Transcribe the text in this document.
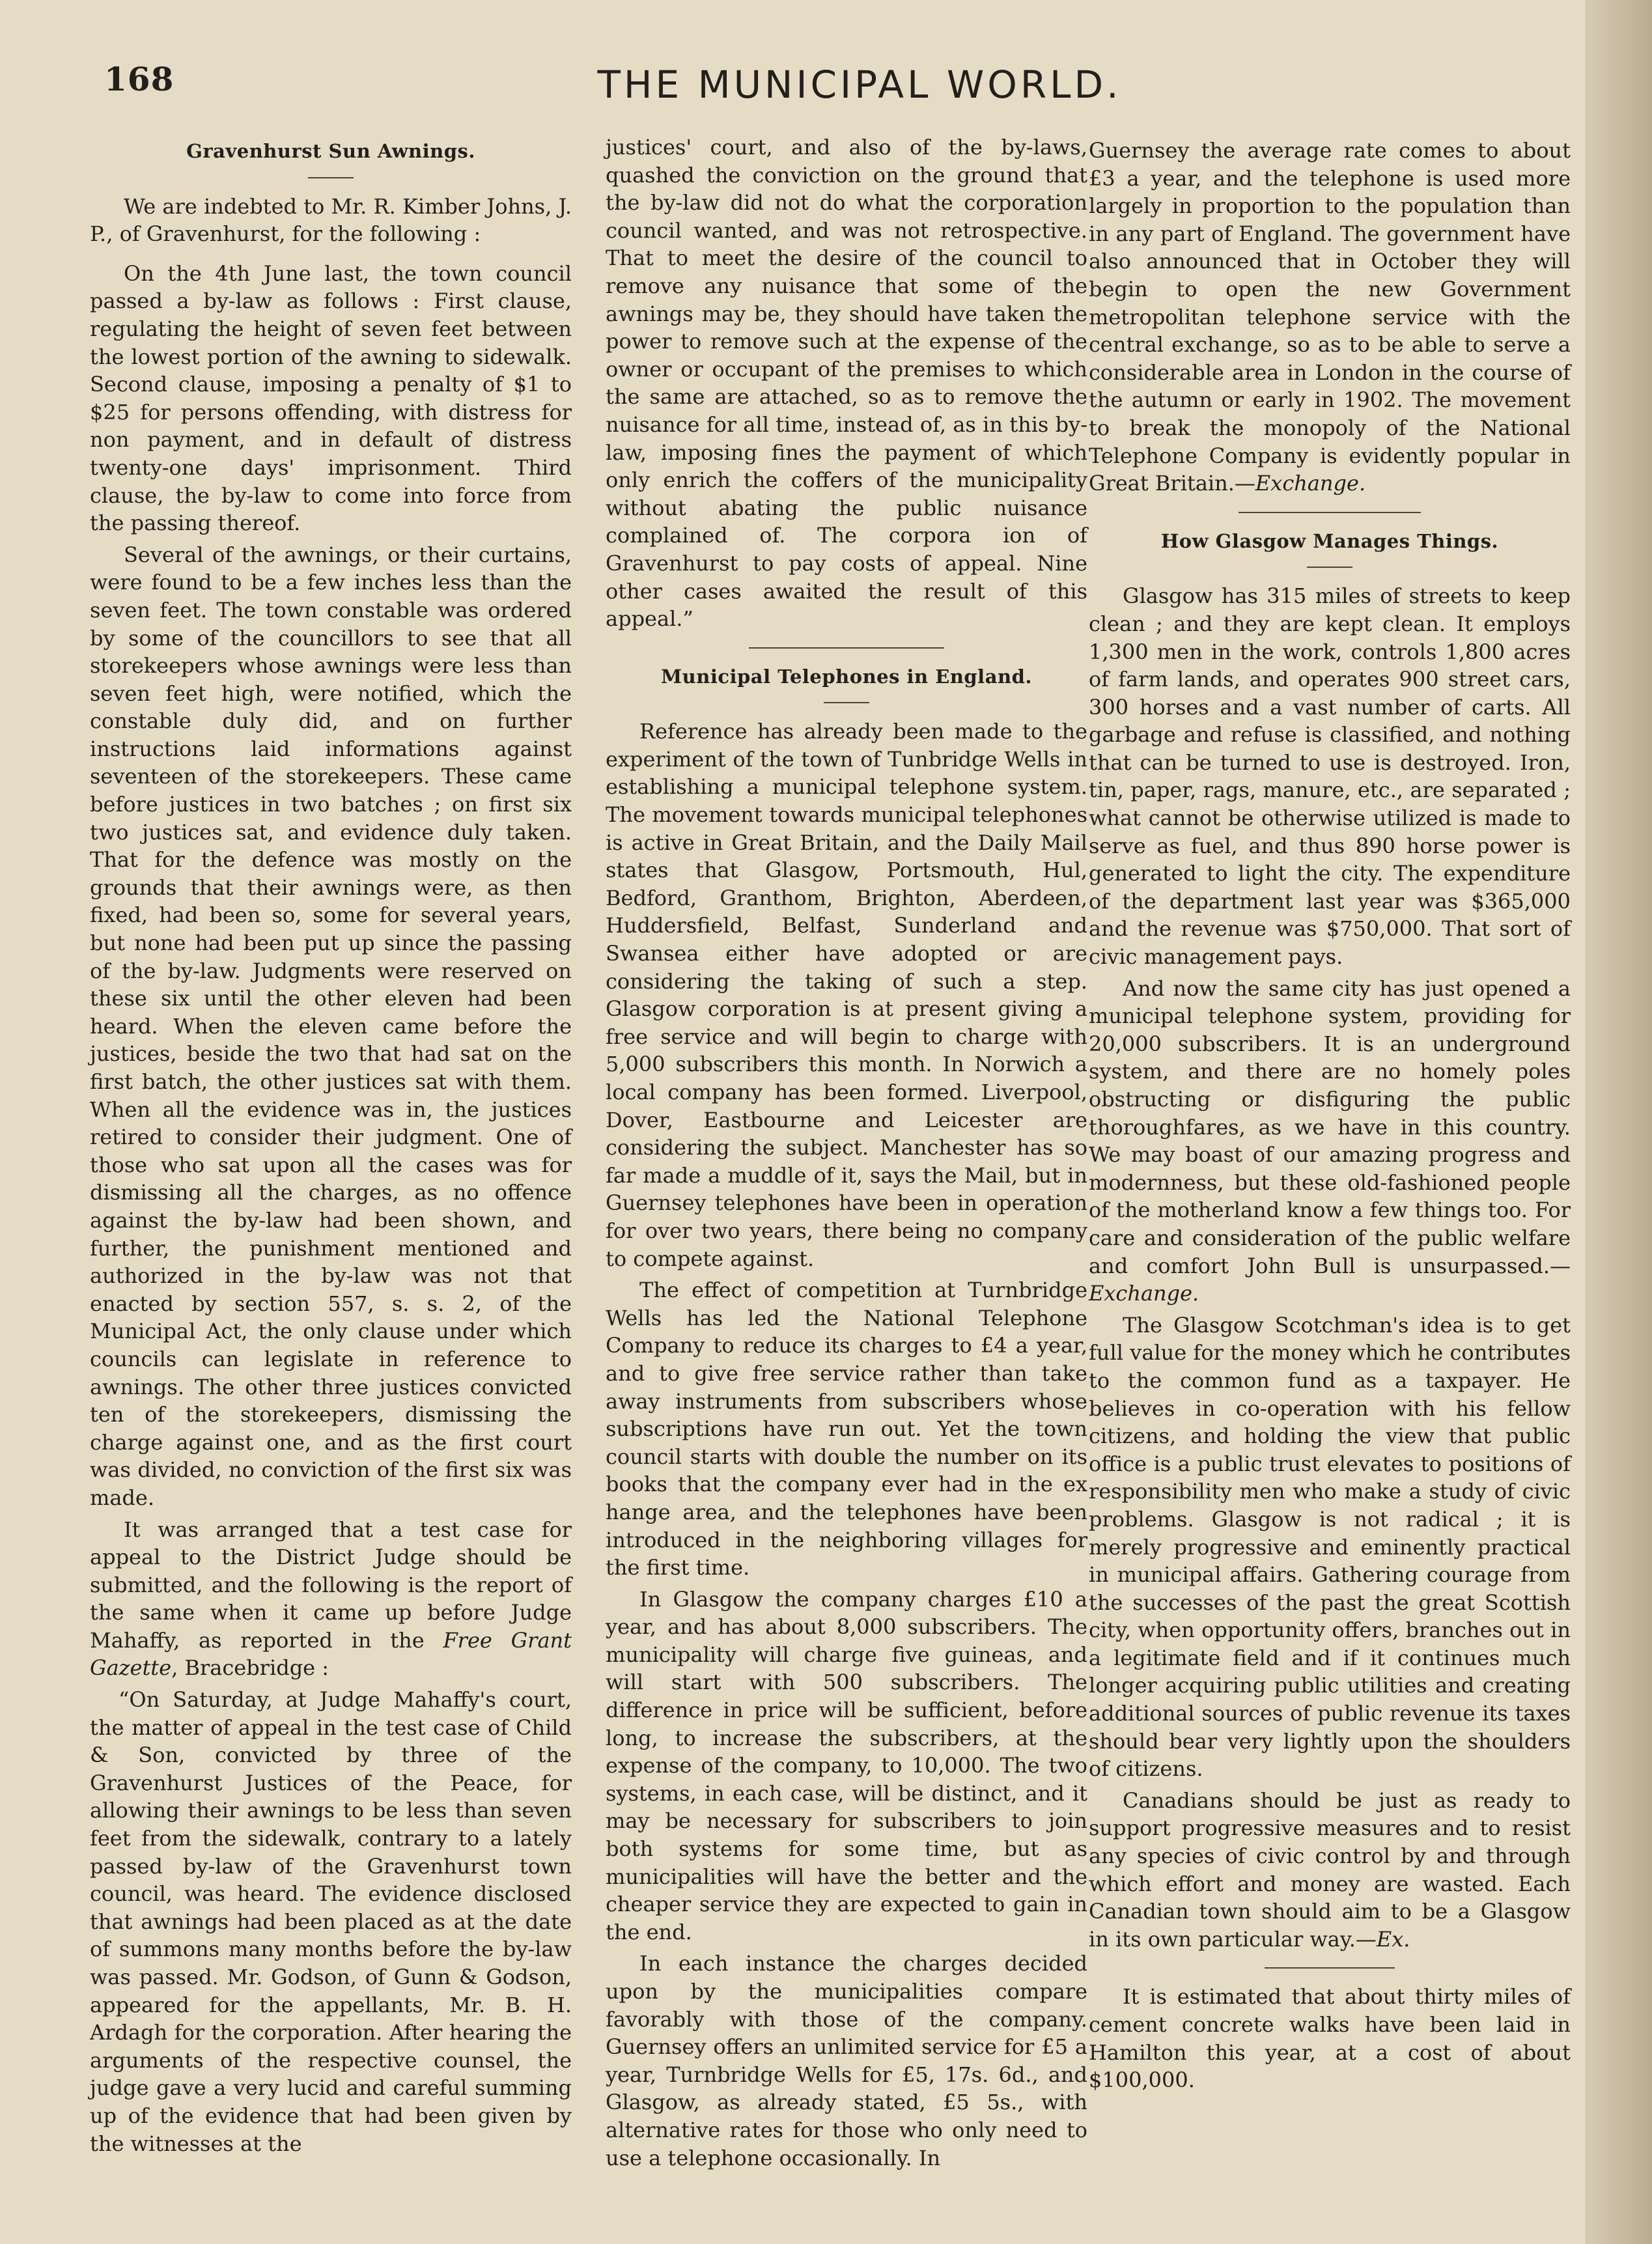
168	THE MUNICIPAL WORLD.
Gravenhurst Sun Awnings.

We are indebted to Mr. R. Kimber Johns, J. P., of Gravenhurst, for the following :

On the 4th June last, the town council passed a by-law as follows : First clause, regulating the height of seven feet between the lowest portion of the awning to sidewalk. Second clause, imposing a penalty of $1 to $25 for persons offending, with distress for non payment, and in default of distress twenty-one days' imprisonment. Third clause, the by-law to come into force from the passing thereof.

Several of the awnings, or their curtains, were found to be a few inches less than the seven feet. The town constable was ordered by some of the councillors to see that all storekeepers whose awnings were less than seven feet high, were notified, which the constable duly did, and on further instructions laid informations against seventeen of the storekeepers. These came before justices in two batches ; on first six two justices sat, and evidence duly taken. That for the defence was mostly on the grounds that their awnings were, as then fixed, had been so, some for several years, but none had been put up since the passing of the by-law. Judgments were reserved on these six until the other eleven had been heard. When the eleven came before the justices, beside the two that had sat on the first batch, the other justices sat with them. When all the evidence was in, the justices retired to consider their judgment. One of those who sat upon all the cases was for dismissing all the charges, as no offence against the by-law had been shown, and further, the punishment mentioned and authorized in the by-law was not that enacted by section 557, s. s. 2, of the Municipal Act, the only clause under which councils can legislate in reference to awnings. The other three justices convicted ten of the storekeepers, dismissing the charge against one, and as the first court was divided, no conviction of the first six was made.

It was arranged that a test case for appeal to the District Judge should be submitted, and the following is the report of the same when it came up before Judge Mahaffy, as reported in the Free Grant Gazette, Bracebridge :

“On Saturday, at Judge Mahaffy's court, the matter of appeal in the test case of Child & Son, convicted by three of the Gravenhurst Justices of the Peace, for allowing their awnings to be less than seven feet from the sidewalk, contrary to a lately passed by-law of the Gravenhurst town council, was heard. The evidence disclosed that awnings had been placed as at the date of summons many months before the by-law was passed. Mr. Godson, of Gunn & Godson, appeared for the appellants, Mr. B. H. Ardagh for the corporation. After hearing the arguments of the respective counsel, the judge gave a very lucid and careful summing up of the evidence that had been given by the witnesses at the

justices' court, and also of the by-laws, quashed the conviction on the ground that the by-law did not do what the corporation council wanted, and was not retrospective. That to meet the desire of the council to remove any nuisance that some of the awnings may be, they should have taken the power to remove such at the expense of the owner or occupant of the premises to which the same are attached, so as to remove the nuisance for all time, instead of, as in this by-law, imposing fines the payment of which only enrich the coffers of the municipality without abating the public nuisance complained of. The corpora ion of Gravenhurst to pay costs of appeal. Nine other cases awaited the result of this appeal.”

Municipal Telephones in England.

Reference has already been made to the experiment of the town of Tunbridge Wells in establishing a municipal telephone system. The movement towards municipal telephones is active in Great Britain, and the Daily Mail states that Glasgow, Portsmouth, Hul, Bedford, Granthom, Brighton, Aberdeen, Huddersfield, Belfast, Sunderland and Swansea either have adopted or are considering the taking of such a step. Glasgow corporation is at present giving a free service and will begin to charge with 5,000 subscribers this month. In Norwich a local company has been formed. Liverpool, Dover, Eastbourne and Leicester are considering the subject. Manchester has so far made a muddle of it, says the Mail, but in Guernsey telephones have been in operation for over two years, there being no company to compete against.

The effect of competition at Turnbridge Wells has led the National Telephone Company to reduce its charges to £4 a year, and to give free service rather than take away instruments from subscribers whose subscriptions have run out. Yet the town council starts with double the number on its books that the company ever had in the ex hange area, and the telephones have been introduced in the neighboring villages for the first time.

In Glasgow the company charges £10 a year, and has about 8,000 subscribers. The municipality will charge five guineas, and will start with 500 subscribers. The difference in price will be sufficient, before long, to increase the subscribers, at the expense of the company, to 10,000. The two systems, in each case, will be distinct, and it may be necessary for subscribers to join both systems for some time, but as municipalities will have the better and the cheaper service they are expected to gain in the end.

In each instance the charges decided upon by the municipalities compare favorably with those of the company. Guernsey offers an unlimited service for £5 a year, Turnbridge Wells for £5, 17s. 6d., and Glasgow, as already stated, £5 5s., with alternative rates for those who only need to use a telephone occasionally. In

Guernsey the average rate comes to about £3 a year, and the telephone is used more largely in proportion to the population than in any part of England. The government have also announced that in October they will begin to open the new Government metropolitan telephone service with the central exchange, so as to be able to serve a considerable area in London in the course of the autumn or early in 1902. The movement to break the monopoly of the National Telephone Company is evidently popular in Great Britain.—Exchange.

How Glasgow Manages Things.

Glasgow has 315 miles of streets to keep clean ; and they are kept clean. It employs 1,300 men in the work, controls 1,800 acres of farm lands, and operates 900 street cars, 300 horses and a vast number of carts. All garbage and refuse is classified, and nothing that can be turned to use is destroyed. Iron, tin, paper, rags, manure, etc., are separated ; what cannot be otherwise utilized is made to serve as fuel, and thus 890 horse power is generated to light the city. The expenditure of the department last year was $365,000 and the revenue was $750,000. That sort of civic management pays.

And now the same city has just opened a municipal telephone system, providing for 20,000 subscribers. It is an underground system, and there are no homely poles obstructing or disfiguring the public thoroughfares, as we have in this country. We may boast of our amazing progress and modernness, but these old-fashioned people of the motherland know a few things too. For care and consideration of the public welfare and comfort John Bull is unsurpassed.—Exchange.

The Glasgow Scotchman's idea is to get full value for the money which he contributes to the common fund as a taxpayer. He believes in co-operation with his fellow citizens, and holding the view that public office is a public trust elevates to positions of responsibility men who make a study of civic problems. Glasgow is not radical ; it is merely progressive and eminently practical in municipal affairs. Gathering courage from the successes of the past the great Scottish city, when opportunity offers, branches out in a legitimate field and if it continues much longer acquiring public utilities and creating additional sources of public revenue its taxes should bear very lightly upon the shoulders of citizens.

Canadians should be just as ready to support progressive measures and to resist any species of civic control by and through which effort and money are wasted. Each Canadian town should aim to be a Glasgow in its own particular way.—Ex.

It is estimated that about thirty miles of cement concrete walks have been laid in Hamilton this year, at a cost of about $100,000.
